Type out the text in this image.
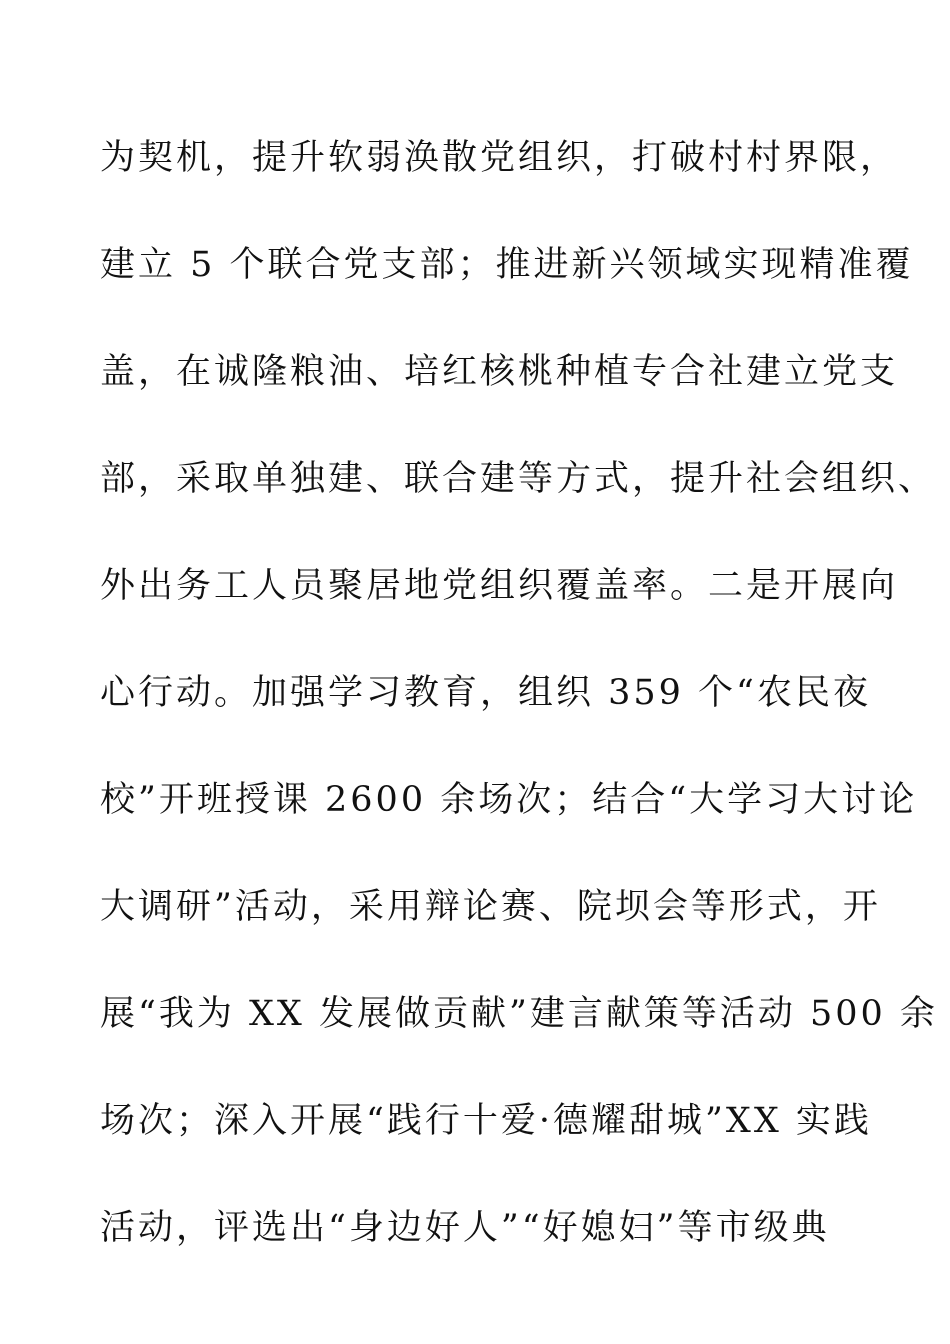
为契机，提升软弱涣散党组织，打破村村界限，
建立 5 个联合党支部；推进新兴领域实现精准覆
盖，在诚隆粮油、培红核桃种植专合社建立党支
部，采取单独建、联合建等方式，提升社会组织、
外出务工人员聚居地党组织覆盖率。二是开展向
心行动。加强学习教育，组织 359 个“农民夜
校”开班授课 2600 余场次；结合“大学习大讨论
大调研”活动，采用辩论赛、院坝会等形式，开
展“我为 XX 发展做贡献”建言献策等活动 500 余
场次；深入开展“践行十爱·德耀甜城”XX 实践
活动，评选出“身边好人”“好媳妇”等市级典
